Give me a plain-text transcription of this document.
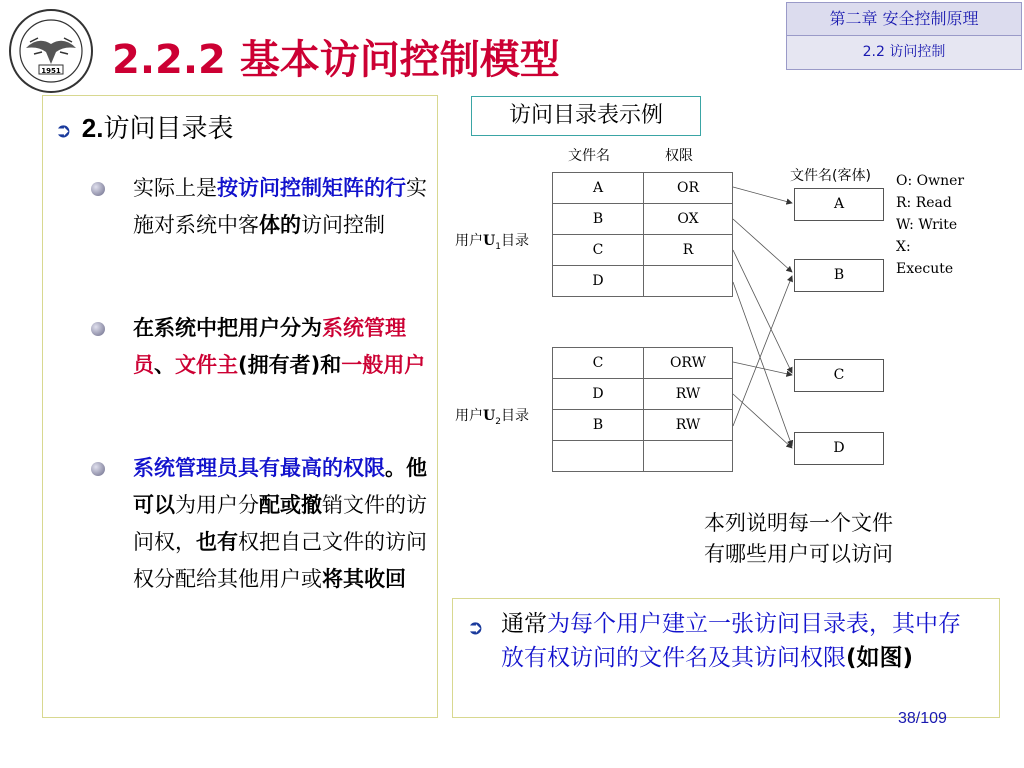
1951 2.2.2 基本访问控制模型
第二章 安全控制原理
2.2 访问控制
➲ 2.访问目录表
实际上是按访问控制矩阵的行实施对系统中客体的访问控制
在系统中把用户分为系统管理员、文件主(拥有者)和一般用户
系统管理员具有最高的权限。他可以为用户分配或撤销文件的访问权，也有权把自己文件的访问权分配给其他用户或将其收回
访问目录表示例
文件名	权限
文件名(客体)
用户$U_1$目录
用户$U_2$目录
A	OR
B	OX
C	R
D	
C	ORW
D	RW
B	RW

A
B
C
D
O: Owner
R: Read
W: Write
X:
Execute
本列说明每一个文件
有哪些用户可以访问
➲ 通常为每个用户建立一张访问目录表，其中存放有权访问的文件名及其访问权限(如图)
38/109
